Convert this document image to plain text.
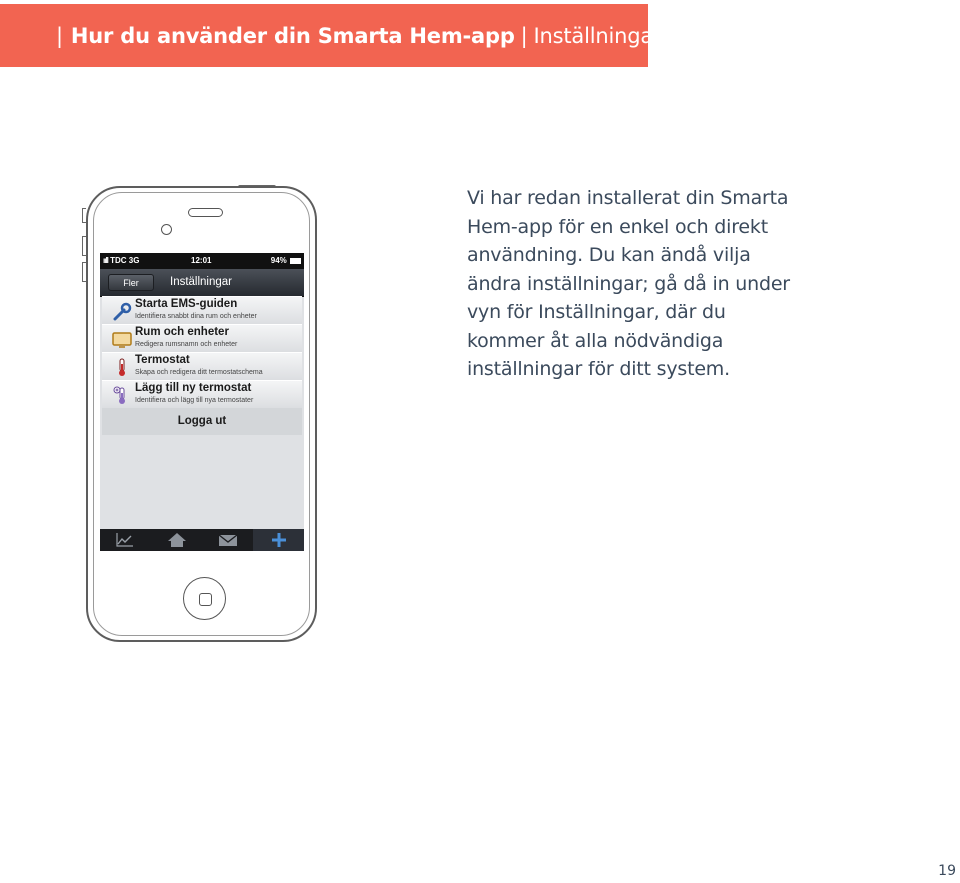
| Hur du använder din Smarta Hem-app | Inställningar
ııll TDC 3G	12:01	94%
Fler	Inställningar
Starta EMS-guiden
Identifiera snabbt dina rum och enheter
Rum och enheter
Redigera rumsnamn och enheter
Termostat
Skapa och redigera ditt termostatschema
Lägg till ny termostat
Identifiera och lägg till nya termostater
Logga ut
Vi har redan installerat din Smarta Hem-app för en enkel och direkt användning. Du kan ändå vilja ändra inställningar; gå då in under vyn för Inställningar, där du kommer åt alla nödvändiga inställningar för ditt system.
19
